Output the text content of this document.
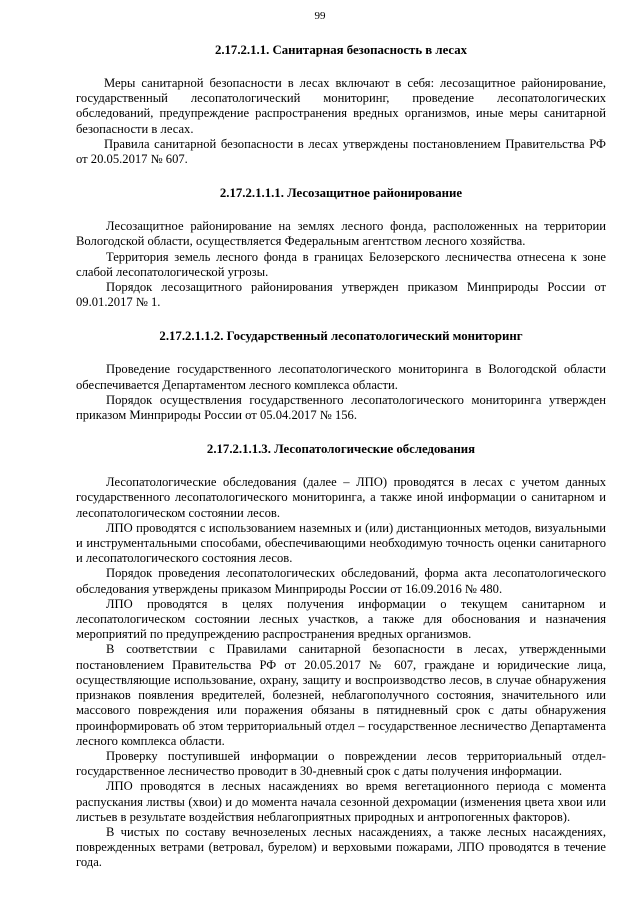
99
2.17.2.1.1. Санитарная безопасность в лесах

Меры санитарной безопасности в лесах включают в себя: лесозащитное районирование, государственный лесопатологический мониторинг, проведение лесопатологических обследований, предупреждение распространения вредных организмов, иные меры санитарной безопасности в лесах.

Правила санитарной безопасности в лесах утверждены постановлением Правительства РФ от 20.05.2017 № 607.

2.17.2.1.1.1. Лесозащитное районирование

Лесозащитное районирование на землях лесного фонда, расположенных на территории Вологодской области, осуществляется Федеральным агентством лесного хозяйства.

Территория земель лесного фонда в границах Белозерского лесничества отнесена к зоне слабой лесопатологической угрозы.

Порядок лесозащитного районирования утвержден приказом Минприроды России от 09.01.2017 № 1.

2.17.2.1.1.2. Государственный лесопатологический мониторинг

Проведение государственного лесопатологического мониторинга в Вологодской области обеспечивается Департаментом лесного комплекса области.

Порядок осуществления государственного лесопатологического мониторинга утвержден приказом Минприроды России от 05.04.2017 № 156.

2.17.2.1.1.3. Лесопатологические обследования

Лесопатологические обследования (далее – ЛПО) проводятся в лесах с учетом данных государственного лесопатологического мониторинга, а также иной информации о санитарном и лесопатологическом состоянии лесов.

ЛПО проводятся с использованием наземных и (или) дистанционных методов, визуальными и инструментальными способами, обеспечивающими необходимую точность оценки санитарного и лесопатологического состояния лесов.

Порядок проведения лесопатологических обследований, форма акта лесопатологического обследования утверждены приказом Минприроды России от 16.09.2016 № 480.

ЛПО проводятся в целях получения информации о текущем санитарном и лесопатологическом состоянии лесных участков, а также для обоснования и назначения мероприятий по предупреждению распространения вредных организмов.

В соответствии с Правилами санитарной безопасности в лесах, утвержденными постановлением Правительства РФ от 20.05.2017 № 607, граждане и юридические лица, осуществляющие использование, охрану, защиту и воспроизводство лесов, в случае обнаружения признаков появления вредителей, болезней, неблагополучного состояния, значительного или массового повреждения или поражения обязаны в пятидневный срок с даты обнаружения проинформировать об этом территориальный отдел – государственное лесничество Департамента лесного комплекса области.

Проверку поступившей информации о повреждении лесов территориальный отдел-государственное лесничество проводит в 30-дневный срок с даты получения информации.

ЛПО проводятся в лесных насаждениях во время вегетационного периода с момента распускания листвы (хвои) и до момента начала сезонной дехромации (изменения цвета хвои или листьев в результате воздействия неблагоприятных природных и антропогенных факторов).

В чистых по составу вечнозеленых лесных насаждениях, а также лесных насаждениях, поврежденных ветрами (ветровал, бурелом) и верховыми пожарами, ЛПО проводятся в течение года.
